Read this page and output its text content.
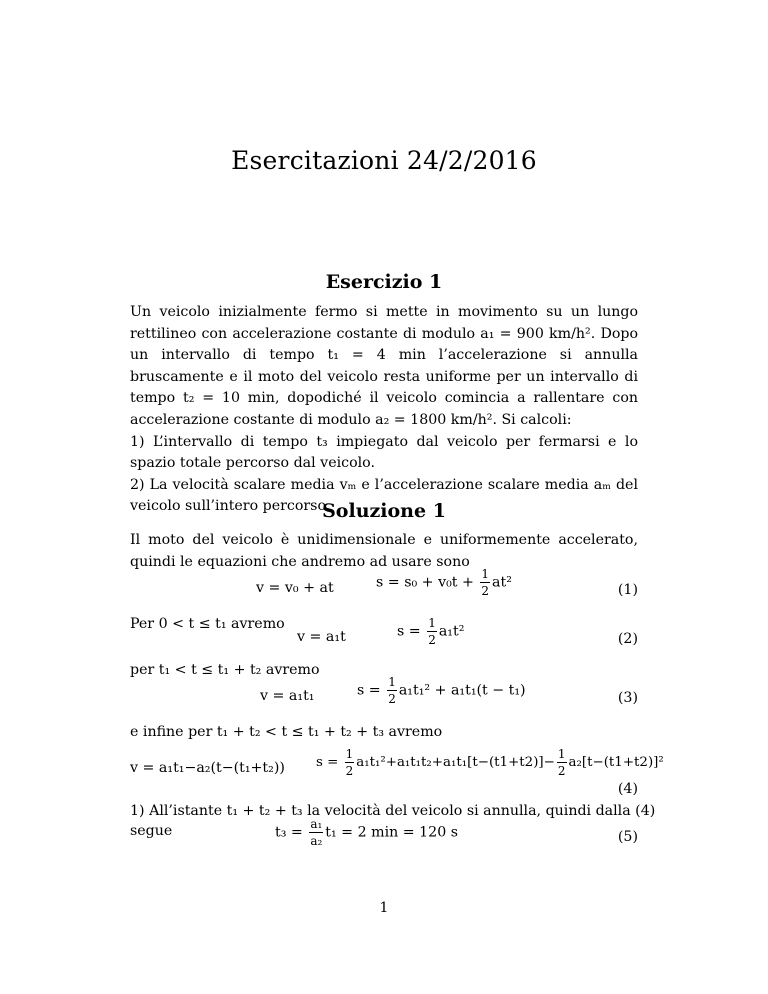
Esercitazioni 24/2/2016
Esercizio 1
Un veicolo inizialmente fermo si mette in movimento su un lungo rettilineo con accelerazione costante di modulo a₁ = 900 km/h². Dopo un intervallo di tempo t₁ = 4 min l’accelerazione si annulla bruscamente e il moto del veicolo resta uniforme per un intervallo di tempo t₂ = 10 min, dopodiché il veicolo comincia a rallentare con accelerazione costante di modulo a₂ = 1800 km/h². Si calcoli:
1) L’intervallo di tempo t₃ impiegato dal veicolo per fermarsi e lo spazio totale percorso dal veicolo.
2) La velocità scalare media vₘ e l’accelerazione scalare media aₘ del veicolo sull’intero percorso.
Soluzione 1
Il moto del veicolo è unidimensionale e uniformemente accelerato, quindi le equazioni che andremo ad usare sono
v = v₀ + at	$s = s_0 + v_0t + \frac{1}{2} at^2$	(1)
Per 0 < t ≤ t₁ avremo
v = a₁t	$s = \frac{1}{2} a_1t^2$	(2)
per t₁ < t ≤ t₁ + t₂ avremo
v = a₁t₁	$s = \frac{1}{2} a_1t_1^2 + a_1t_1(t - t_1)$	(3)
e infine per t₁ + t₂ < t ≤ t₁ + t₂ + t₃ avremo
v = a₁t₁−a₂(t−(t₁+t₂)) $s = \frac{1}{2} a_1t_1^2+a_1t_1t_2+a_1t_1[t-(t1+t2)]- \frac{1}{2} a_2[t-(t1+t2)]^2$
(4)
1) All’istante t₁ + t₂ + t₃ la velocità del veicolo si annulla, quindi dalla (4) segue	$t_3 = \frac{\text{a₁}}{\text{a₂}} t_1 = 2$ min = 120 s	(5)
1
